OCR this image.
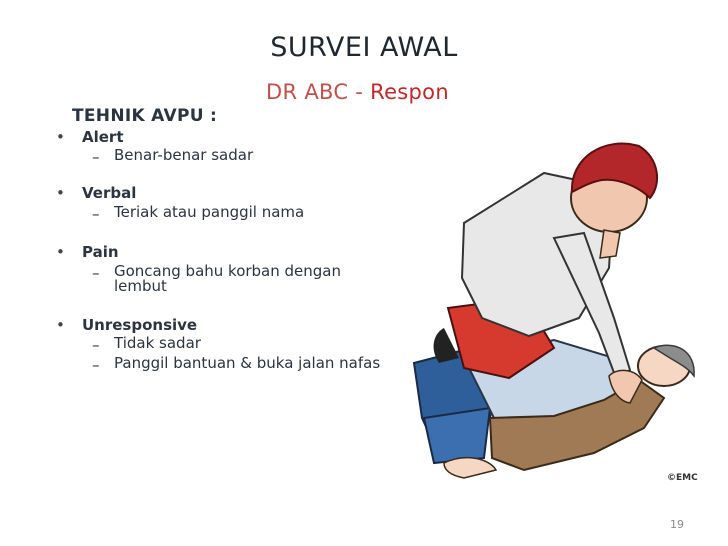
SURVEI AWAL
DR ABC - Respon
TEHNIK AVPU :
• Alert
– Benar-benar sadar
• Verbal
– Teriak atau panggil nama
• Pain
– Goncang bahu korban dengan lembut
• Unresponsive
– Tidak sadar
– Panggil bantuan & buka jalan nafas
©EMC
19
